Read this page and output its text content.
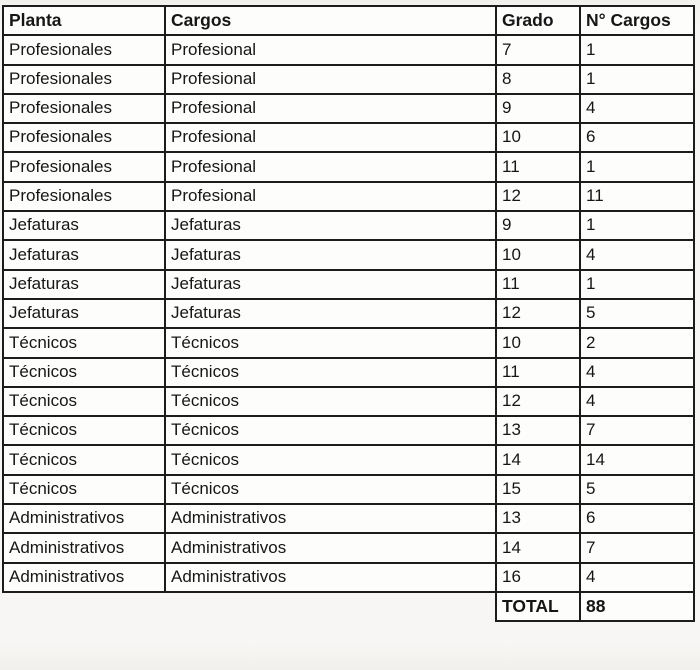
Planta	Cargos	Grado	N° Cargos
Profesionales	Profesional	7	1
Profesionales	Profesional	8	1
Profesionales	Profesional	9	4
Profesionales	Profesional	10	6
Profesionales	Profesional	11	1
Profesionales	Profesional	12	11
Jefaturas	Jefaturas	9	1
Jefaturas	Jefaturas	10	4
Jefaturas	Jefaturas	11	1
Jefaturas	Jefaturas	12	5
Técnicos	Técnicos	10	2
Técnicos	Técnicos	11	4
Técnicos	Técnicos	12	4
Técnicos	Técnicos	13	7
Técnicos	Técnicos	14	14
Técnicos	Técnicos	15	5
Administrativos	Administrativos	13	6
Administrativos	Administrativos	14	7
Administrativos	Administrativos	16	4
		TOTAL	88
